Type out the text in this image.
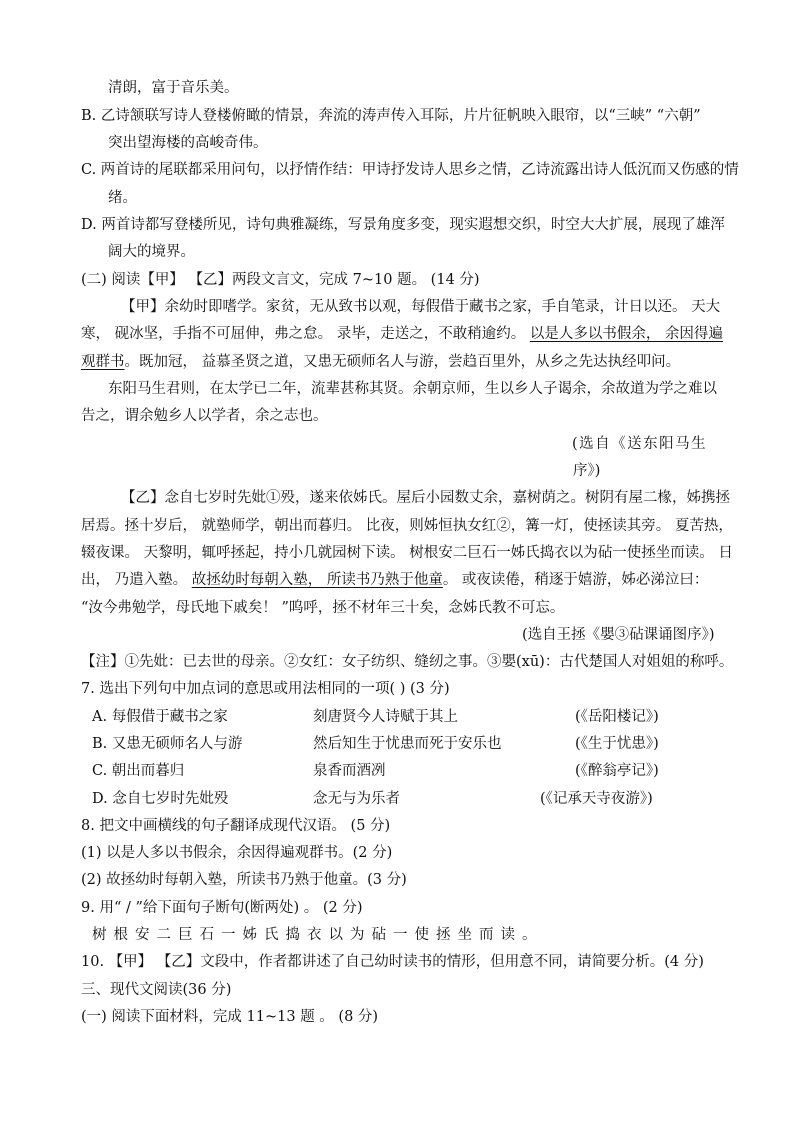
清朗，富于音乐美。
B. 乙诗颔联写诗人登楼俯瞰的情景，奔流的涛声传入耳际，片片征帆映入眼帘，以“三峡” “六朝”
突出望海楼的高峻奇伟。
C. 两首诗的尾联都采用问句，以抒情作结：甲诗抒发诗人思乡之情，乙诗流露出诗人低沉而又伤感的情
绪。
D. 两首诗都写登楼所见，诗句典雅凝练，写景角度多变，现实遐想交织，时空大大扩展，展现了雄浑
阔大的境界。
(二) 阅读【甲】 【乙】两段文言文，完成 7~10 题。 (14 分)
【甲】余幼时即嗜学。家贫，无从致书以观，每假借于藏书之家，手自笔录，计日以还。 天大
寒， 砚冰坚，手指不可屈伸，弗之怠。 录毕，走送之，不敢稍逾约。 以是人多以书假余， 余因得遍
观群书。既加冠， 益慕圣贤之道，又患无硕师名人与游，尝趋百里外，从乡之先达执经叩问。
东阳马生君则，在太学已二年，流辈甚称其贤。余朝京师，生以乡人子谒余，余故道为学之难以
告之，谓余勉乡人以学者，余之志也。
(选自《送东阳马生
序》)
【乙】念自七岁时先妣①殁，遂来依姊氏。屋后小园数丈余，嘉树荫之。树阴有屋二椽，姊携拯
居焉。拯十岁后， 就塾师学，朝出而暮归。 比夜，则姊恒执女红②，篝一灯，使拯读其旁。 夏苦热，
辍夜课。 天黎明，辄呼拯起，持小几就园树下读。 树根安二巨石一姊氏捣衣以为砧一使拯坐而读。 日
出， 乃遣入塾。 故拯幼时每朝入塾， 所读书乃熟于他童。 或夜读倦，稍逐于嬉游，姊必涕泣曰：
“汝今弗勉学，母氏地下戚矣！ ”呜呼，拯不材年三十矣，念姊氏教不可忘。
(选自王拯《嬰③砧课诵图序》)
【注】①先妣：已去世的母亲。②女红：女子纺织、缝纫之事。③嬰(xū)：古代楚国人对姐姐的称呼。
7. 选出下列句中加点词的意思或用法相同的一项( ) (3 分)
A. 每假借于藏书之家	刻唐贤今人诗赋于其上	(《岳阳楼记》)
B. 又患无硕师名人与游	然后知生于忧患而死于安乐也	(《生于忧患》)
C. 朝出而暮归	泉香而酒冽	(《醉翁亭记》)
D. 念自七岁时先妣殁	念无与为乐者	(《记承天寺夜游》)
8. 把文中画横线的句子翻译成现代汉语。 (5 分)
(1) 以是人多以书假余，余因得遍观群书。(2 分)
(2) 故拯幼时每朝入塾，所读书乃熟于他童。(3 分)
9. 用“ / ”给下面句子断句(断两处) 。 (2 分)
树根安二巨石一姊氏捣衣以为砧一使拯坐而读。
10. 【甲】 【乙】文段中，作者都讲述了自己幼时读书的情形，但用意不同，请简要分析。(4 分)
三、现代文阅读(36 分)
(一) 阅读下面材料，完成 11~13 题 。 (8 分)
